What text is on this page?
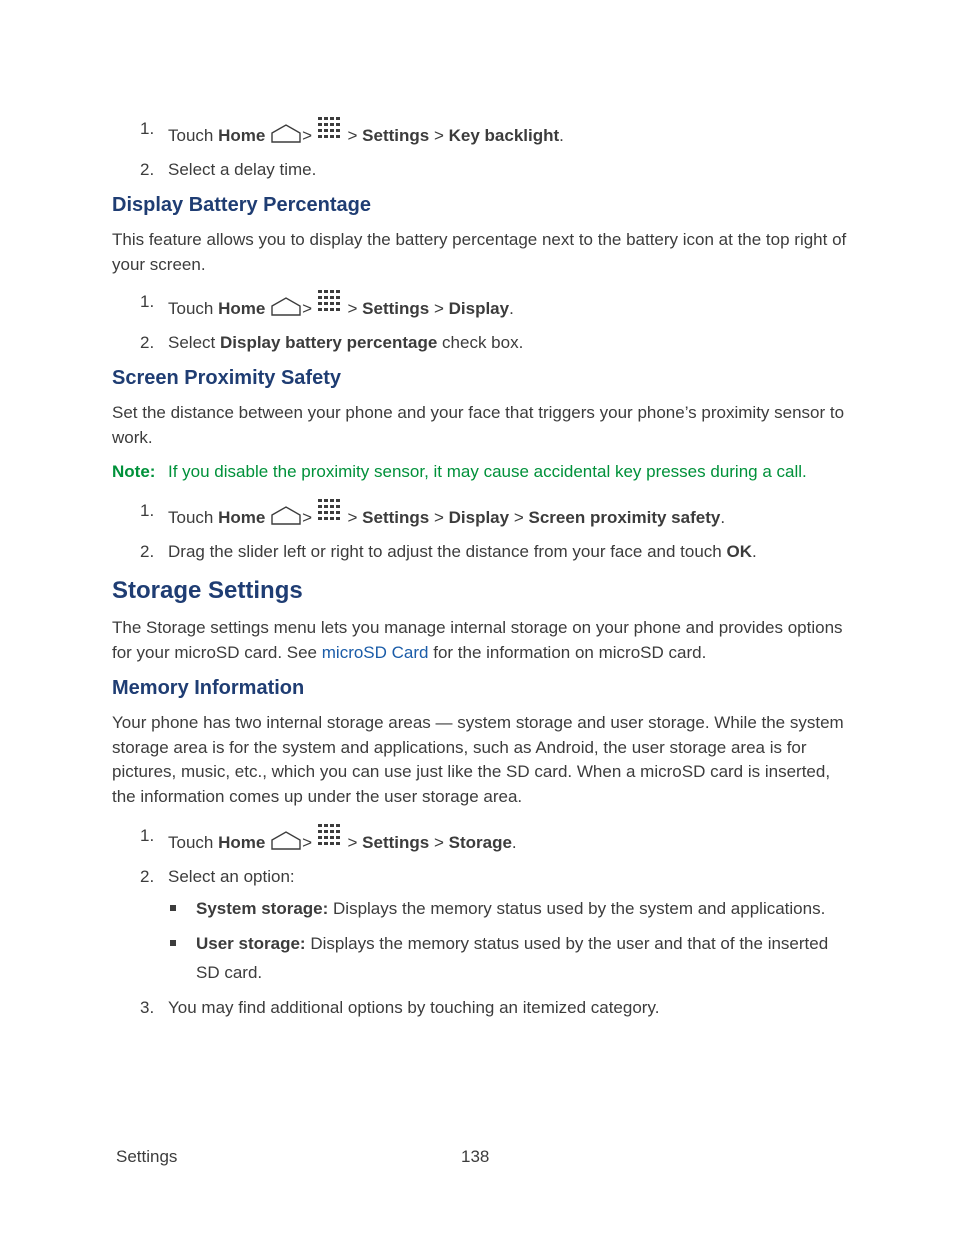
1. Touch Home > > Settings > Key backlight.

2. Select a delay time.

Display Battery Percentage

This feature allows you to display the battery percentage next to the battery icon at the top right of your screen.

1. Touch Home > > Settings > Display.

2. Select Display battery percentage check box.

Screen Proximity Safety

Set the distance between your phone and your face that triggers your phone’s proximity sensor to work.

Note: If you disable the proximity sensor, it may cause accidental key presses during a call.

1. Touch Home > > Settings > Display > Screen proximity safety.

2. Drag the slider left or right to adjust the distance from your face and touch OK.

Storage Settings

The Storage settings menu lets you manage internal storage on your phone and provides options for your microSD card. See microSD Card for the information on microSD card.

Memory Information

Your phone has two internal storage areas — system storage and user storage. While the system storage area is for the system and applications, such as Android, the user storage area is for pictures, music, etc., which you can use just like the SD card. When a microSD card is inserted, the information comes up under the user storage area.

1. Touch Home > > Settings > Storage.

2. Select an option:

System storage: Displays the memory status used by the system and applications.

User storage: Displays the memory status used by the user and that of the inserted SD card.

3. You may find additional options by touching an itemized category.

Settings	138
